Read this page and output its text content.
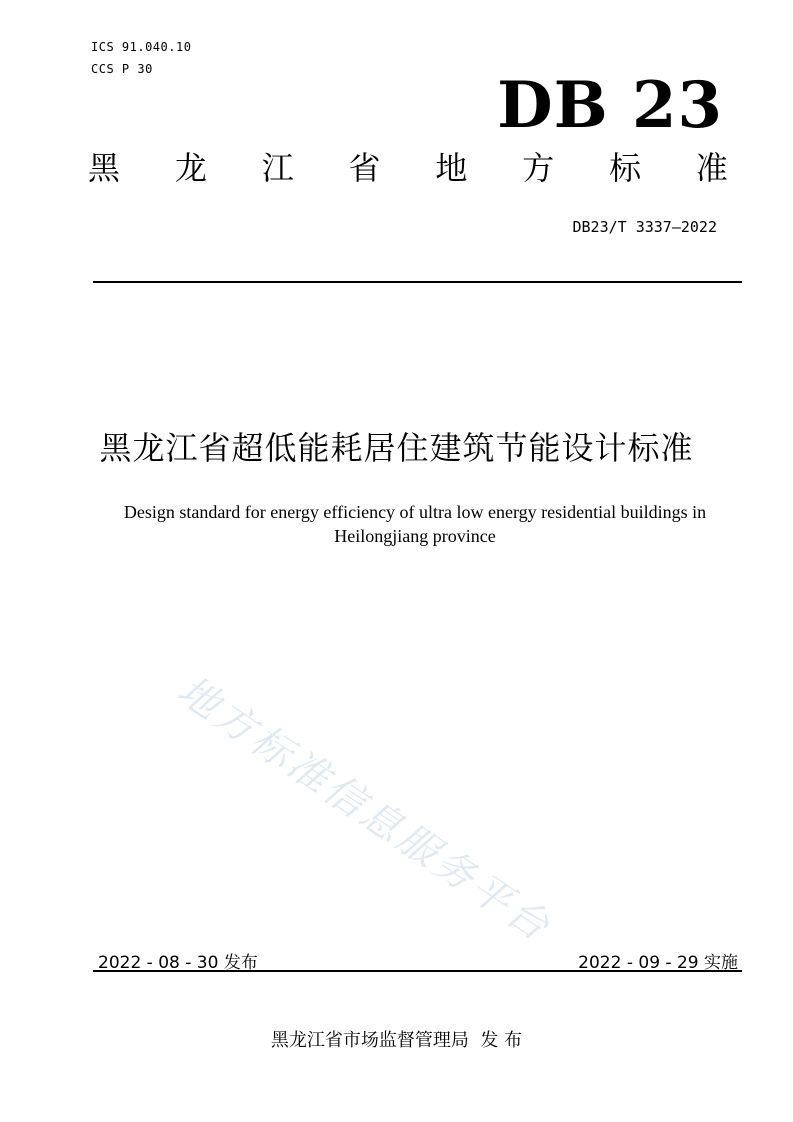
ICS 91.040.10
CCS P 30	DB 23
黑 龙 江 省 地 方 标 准
DB23/T 3337—2022
黑龙江省超低能耗居住建筑节能设计标准
Design standard for energy efficiency of ultra low energy residential buildings in Heilongjiang province
地方标准信息服务平台
2022 - 08 - 30 发布	2022 - 09 - 29 实施
黑龙江省市场监督管理局  发 布
